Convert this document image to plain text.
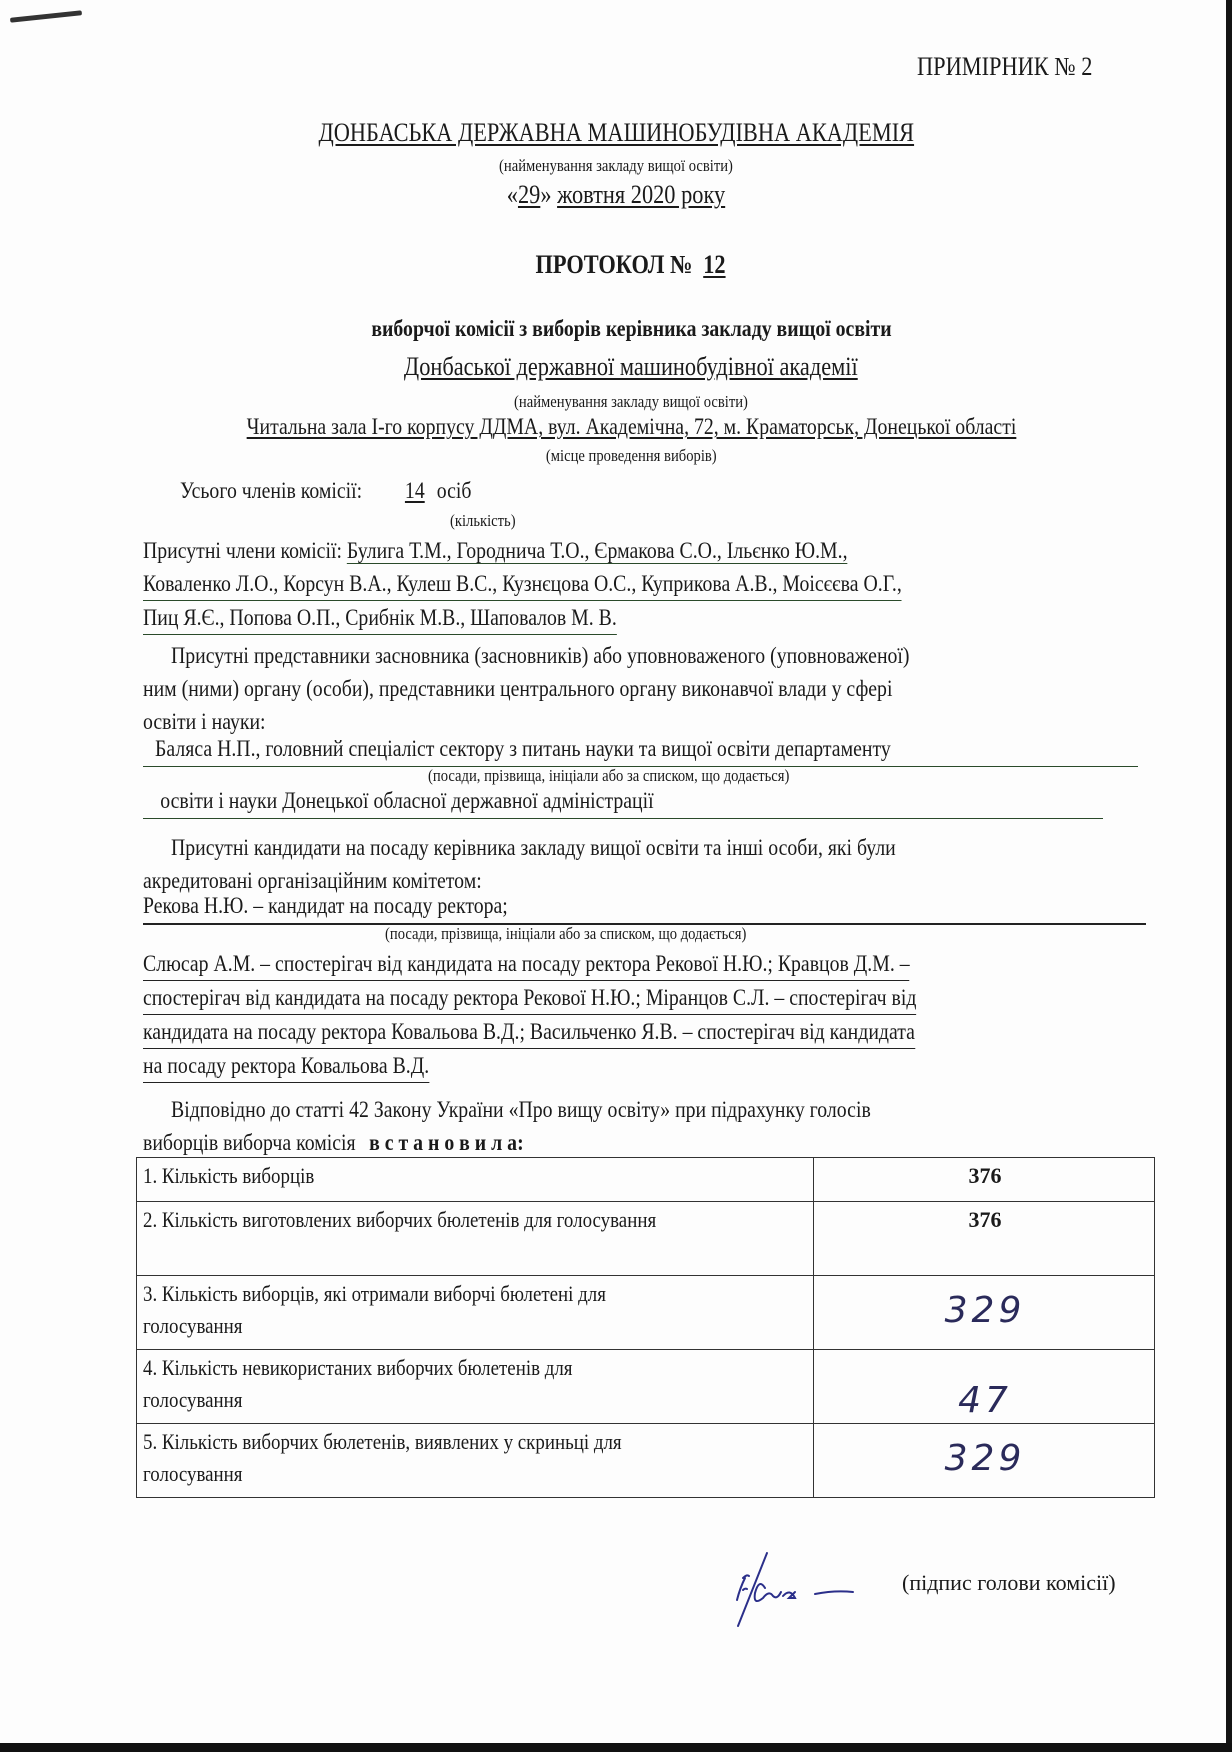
ПРИМІРНИК № 2
ДОНБАСЬКА ДЕРЖАВНА МАШИНОБУДІВНА АКАДЕМІЯ
(найменування закладу вищої освіти)
«29» жовтня 2020 року
ПРОТОКОЛ № 12
виборчої комісії з виборів керівника закладу вищої освіти
Донбаської державної машинобудівної академії
(найменування закладу вищої освіти)
Читальна зала І-го корпусу ДДМА, вул. Академічна, 72, м. Краматорськ, Донецької області
(місце проведення виборів)
Усього членів комісії: 14 осіб
(кількість)
Присутні члени комісії: Булига Т.М., Городнича Т.О., Єрмакова С.О., Ільєнко Ю.М.,
Коваленко Л.О., Корсун В.А., Кулеш В.С., Кузнєцова О.С., Куприкова А.В., Моісєєва О.Г.,
Пиц Я.Є., Попова О.П., Срибнік М.В., Шаповалов М. В.
Присутні представники засновника (засновників) або уповноваженого (уповноваженої)
ним (ними) органу (особи), представники центрального органу виконавчої влади у сфері
освіти і науки:
Баляса Н.П., головний спеціаліст сектору з питань науки та вищої освіти департаменту
(посади, прізвища, ініціали або за списком, що додається)
освіти і науки Донецької обласної державної адміністрації
Присутні кандидати на посаду керівника закладу вищої освіти та інші особи, які були
акредитовані організаційним комітетом:
Рекова Н.Ю. – кандидат на посаду ректора;
(посади, прізвища, ініціали або за списком, що додається)
Слюсар А.М. – спостерігач від кандидата на посаду ректора Рекової Н.Ю.; Кравцов Д.М. –
спостерігач від кандидата на посаду ректора Рекової Н.Ю.; Міранцов С.Л. – спостерігач від
кандидата на посаду ректора Ковальова В.Д.; Васильченко Я.В. – спостерігач від кандидата
на посаду ректора Ковальова В.Д.
Відповідно до статті 42 Закону України «Про вищу освіту» при підрахунку голосів
виборців виборча комісія в с т а н о в и л а:
1. Кількість виборців	376

2. Кількість виготовлених виборчих бюлетенів для голосування	376

3. Кількість виборців, які отримали виборчі бюлетені для голосування	329

4. Кількість невикористаних виборчих бюлетенів для голосування	47

5. Кількість виборчих бюлетенів, виявлених у скриньці для голосування	329
(підпис голови комісії)
